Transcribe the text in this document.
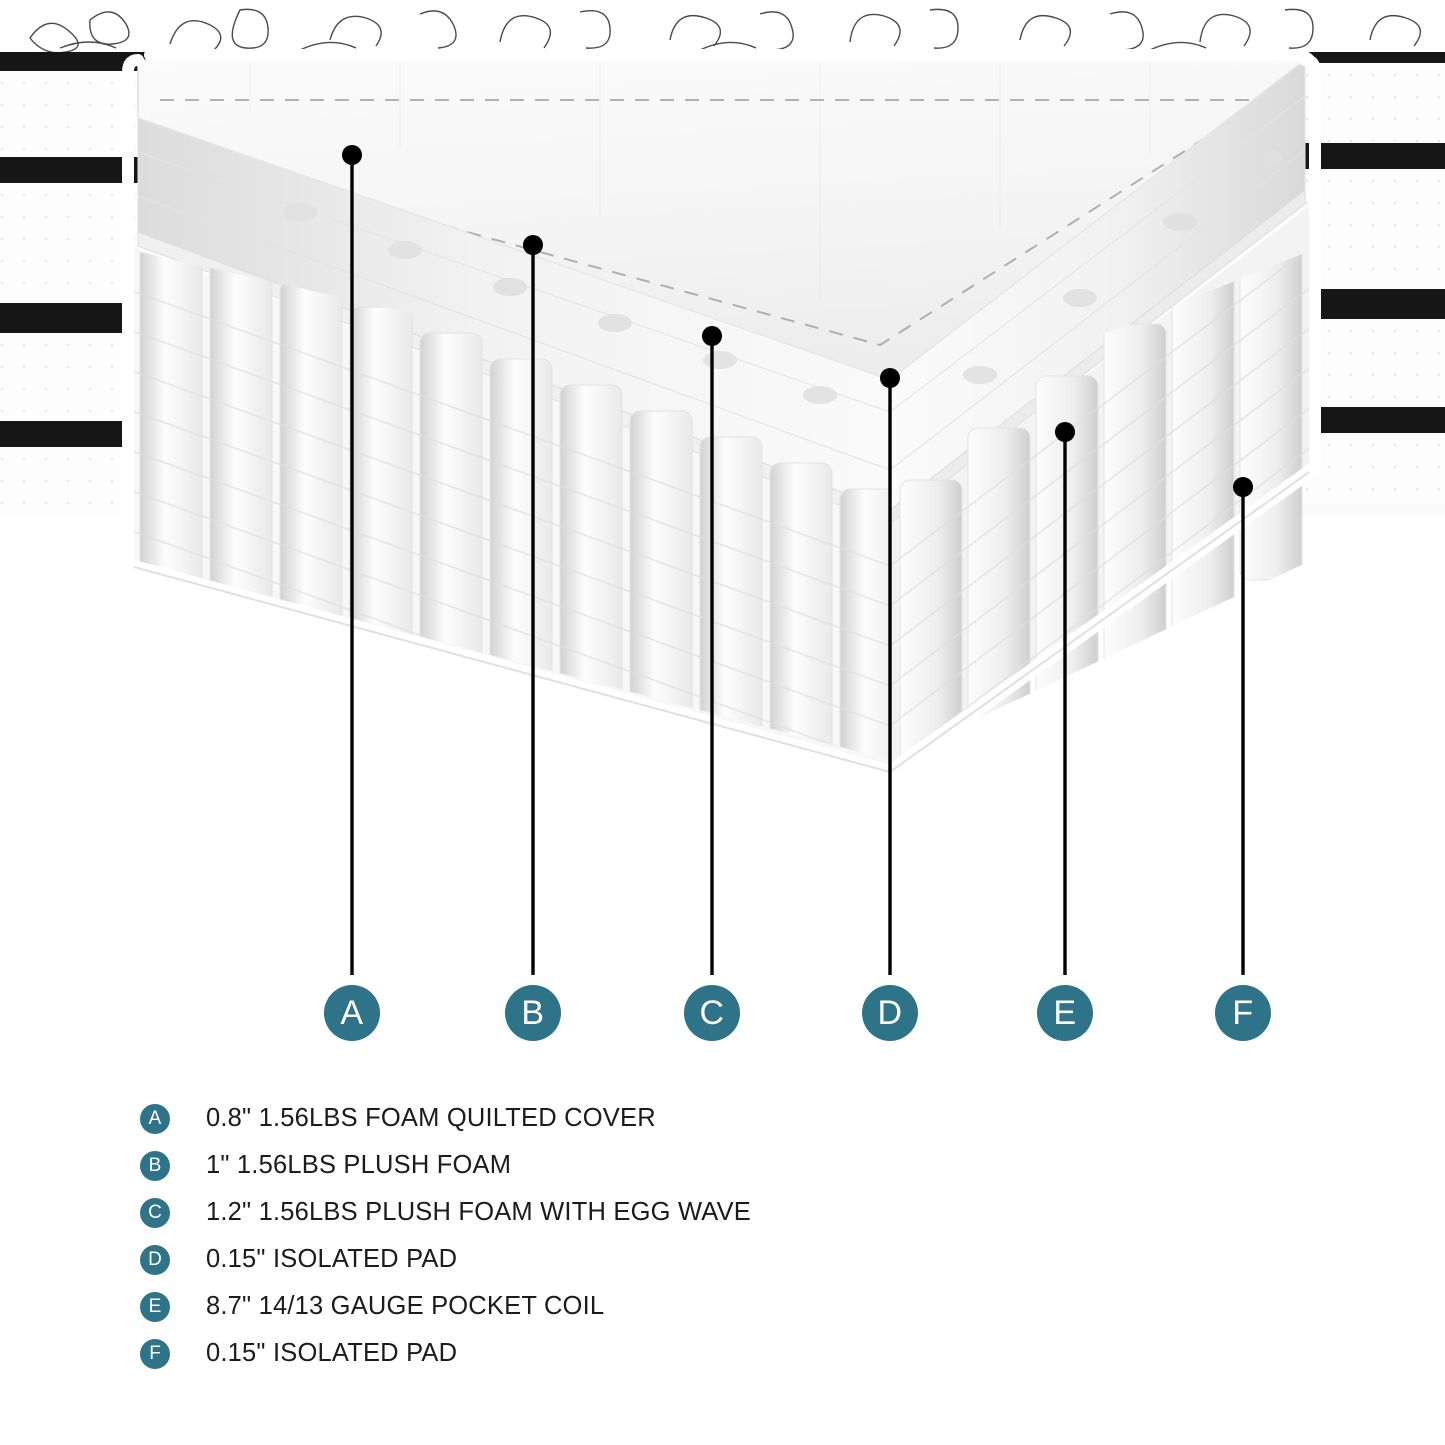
A	B	C	D	E	F
A	0.8" 1.56LBS FOAM QUILTED COVER
B	1" 1.56LBS PLUSH FOAM
C	1.2" 1.56LBS PLUSH FOAM WITH EGG WAVE
D	0.15" ISOLATED PAD
E	8.7" 14/13 GAUGE POCKET COIL
F	0.15" ISOLATED PAD
